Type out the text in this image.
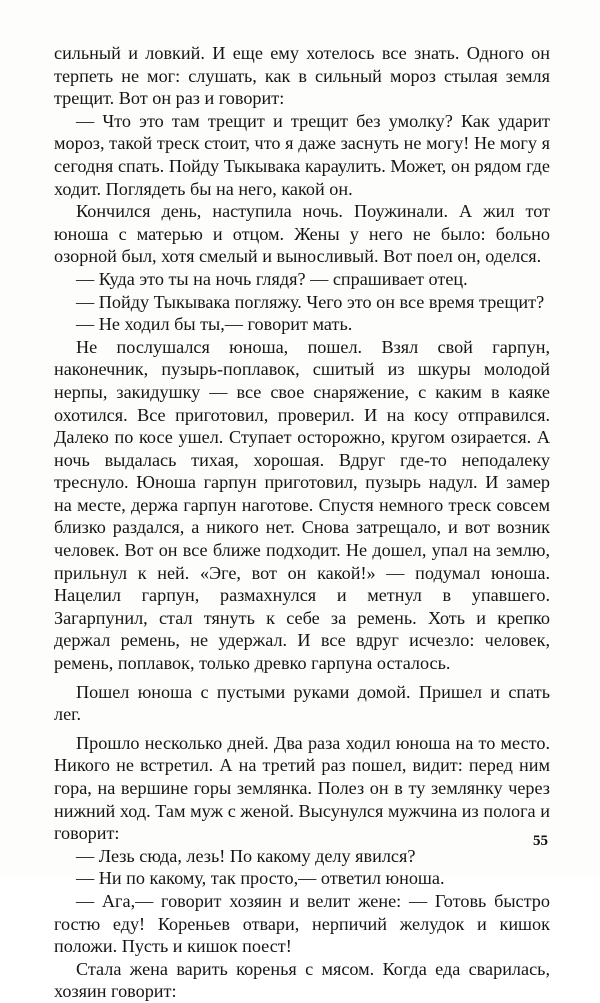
сильный и ловкий. И еще ему хотелось все знать. Одного он терпеть не мог: слушать, как в сильный мороз стылая земля трещит. Вот он раз и говорит:

— Что это там трещит и трещит без умолку? Как ударит мороз, такой треск стоит, что я даже заснуть не могу! Не могу я сегодня спать. Пойду Тыкывака караулить. Может, он рядом где ходит. Поглядеть бы на него, какой он.

Кончился день, наступила ночь. Поужинали. А жил тот юноша с матерью и отцом. Жены у него не было: больно озорной был, хотя смелый и выносливый. Вот поел он, оделся.

— Куда это ты на ночь глядя? — спрашивает отец.

— Пойду Тыкывака погляжу. Чего это он все время трещит?

— Не ходил бы ты,— говорит мать.

Не послушался юноша, пошел. Взял свой гарпун, наконечник, пузырь-поплавок, сшитый из шкуры молодой нерпы, закидушку — все свое снаряжение, с каким в каяке охотился. Все приготовил, проверил. И на косу отправился. Далеко по косе ушел. Ступает осторожно, кругом озирается. А ночь выдалась тихая, хорошая. Вдруг где-то неподалеку треснуло. Юноша гарпун приготовил, пузырь надул. И замер на месте, держа гарпун наготове. Спустя немного треск совсем близко раздался, а никого нет. Снова затрещало, и вот возник человек. Вот он все ближе подходит. Не дошел, упал на землю, прильнул к ней. «Эге, вот он какой!» — подумал юноша. Нацелил гарпун, размахнулся и метнул в упавшего. Загарпунил, стал тянуть к себе за ремень. Хоть и крепко держал ремень, не удержал. И все вдруг исчезло: человек, ремень, поплавок, только древко гарпуна осталось.

Пошел юноша с пустыми руками домой. Пришел и спать лег.

Прошло несколько дней. Два раза ходил юноша на то место. Никого не встретил. А на третий раз пошел, видит: перед ним гора, на вершине горы землянка. Полез он в ту землянку через нижний ход. Там муж с женой. Высунулся мужчина из полога и говорит:

— Лезь сюда, лезь! По какому делу явился?

— Ни по какому, так просто,— ответил юноша.

— Ага,— говорит хозяин и велит жене: — Готовь быстро гостю еду! Кореньев отвари, нерпичий желудок и кишок положи. Пусть и кишок поест!

Стала жена варить коренья с мясом. Когда еда сварилась, хозяин говорит:

55
